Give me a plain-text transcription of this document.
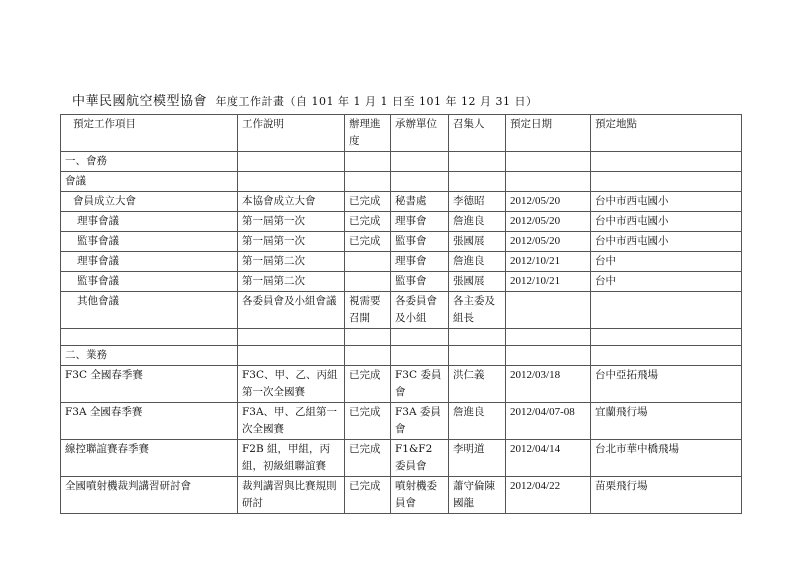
中華民國航空模型協會 年度工作計畫（自 101 年 1 月 1 日至 101 年 12 月 31 日）
預定工作項目	工作說明	辦理進度	承辦單位	召集人	預定日期	預定地點
一、會務						
會議						
會員成立大會	本協會成立大會	已完成	秘書處	李德昭	2012/05/20	台中市西屯國小
理事會議	第一屆第一次	已完成	理事會	詹進良	2012/05/20	台中市西屯國小
監事會議	第一屆第一次	已完成	監事會	張國展	2012/05/20	台中市西屯國小
理事會議	第一屆第二次		理事會	詹進良	2012/10/21	台中
監事會議	第一屆第二次		監事會	張國展	2012/10/21	台中
其他會議	各委員會及小組會議	視需要召開	各委員會及小組	各主委及組長		

二、業務						
F3C 全國春季賽	F3C、甲、乙、丙組第一次全國賽	已完成	F3C 委員會	洪仁義	2012/03/18	台中亞拓飛場
F3A 全國春季賽	F3A、甲、乙組第一次全國賽	已完成	F3A 委員會	詹進良	2012/04/07-08	宜蘭飛行場
線控聯誼賽春季賽	F2B 組，甲組，丙組，初級組聯誼賽	已完成	F1&F2 委員會	李明道	2012/04/14	台北市華中橋飛場
全國噴射機裁判講習研討會	裁判講習與比賽規則研討	已完成	噴射機委員會	蕭守倫陳國龍	2012/04/22	苗栗飛行場
